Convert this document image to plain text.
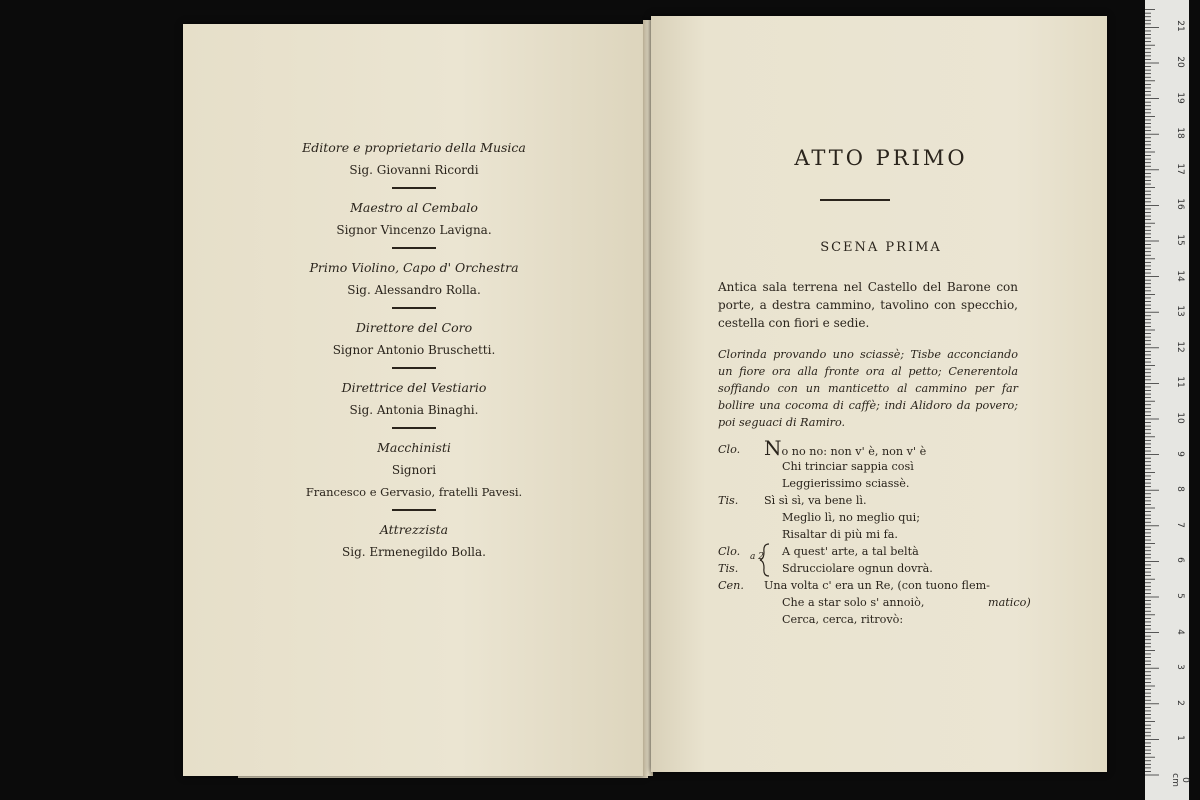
Editore e proprietario della Musica
Sig. Giovanni Ricordi
Maestro al Cembalo
Signor Vincenzo Lavigna.
Primo Violino, Capo d' Orchestra
Sig. Alessandro Rolla.
Direttore del Coro
Signor Antonio Bruschetti.
Direttrice del Vestiario
Sig. Antonia Binaghi.
Macchinisti
Signori
Francesco e Gervasio, fratelli Pavesi.
Attrezzista
Sig. Ermenegildo Bolla.
ATTO PRIMO
SCENA PRIMA
Antica sala terrena nel Castello del Barone con porte, a destra cammino, tavolino con specchio, cestella con fiori e sedie.
Clorinda provando uno sciassè; Tisbe acconciando un fiore ora alla fronte ora al petto; Cenerentola soffiando con un manticetto al cammino per far bollire una cocoma di caffè; indi Alidoro da povero; poi seguaci di Ramiro.
Clo. No no no: non v' è, non v' è
Chi trinciar sappia così
Leggierissimo sciassè.
Tis. Sì sì sì, va bene lì.
Meglio lì, no meglio qui;
Risaltar di più mi fa.
Clo. a 2 A quest' arte, a tal beltà
Tis.	Sdrucciolare ognun dovrà.
Cen. Una volta c' era un Re, (con tuono flem-
Che a star solo s' annoiò,	matico)
Cerca, cerca, ritrovò:
1
2
3
4
5
6
7
8
9
10
11
12
13
14
15
16
17
18
19
20
21
0 cm
